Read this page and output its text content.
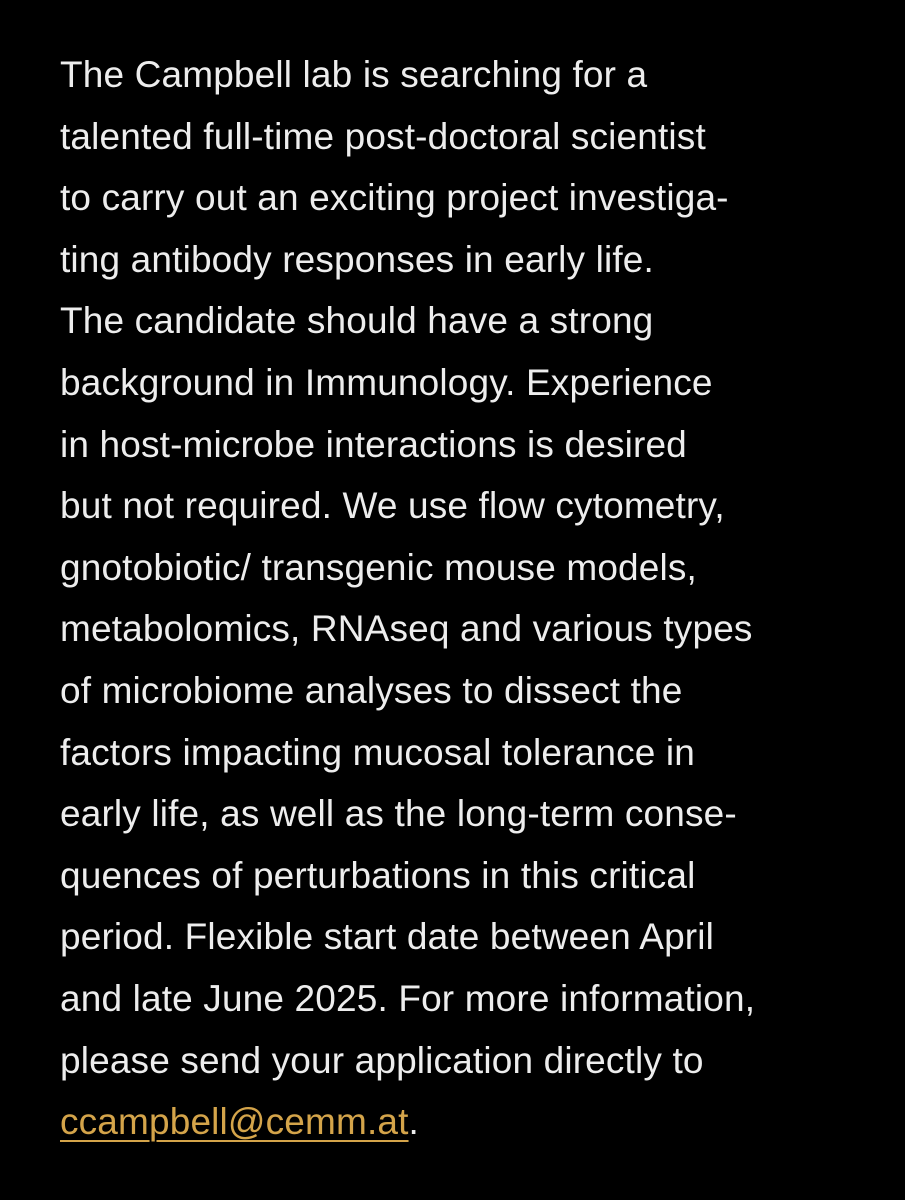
The Campbell lab is searching for a
talented full-time post-doctoral scientist
to carry out an exciting project investiga-
ting antibody responses in early life.
The candidate should have a strong
background in Immunology. Experience
in host-microbe interactions is desired
but not required. We use flow cytometry,
gnotobiotic/ transgenic mouse models,
metabolomics, RNAseq and various types
of microbiome analyses to dissect the
factors impacting mucosal tolerance in
early life, as well as the long-term conse-
quences of perturbations in this critical
period. Flexible start date between April
and late June 2025. For more information,
please send your application directly to
ccampbell@cemm.at.
